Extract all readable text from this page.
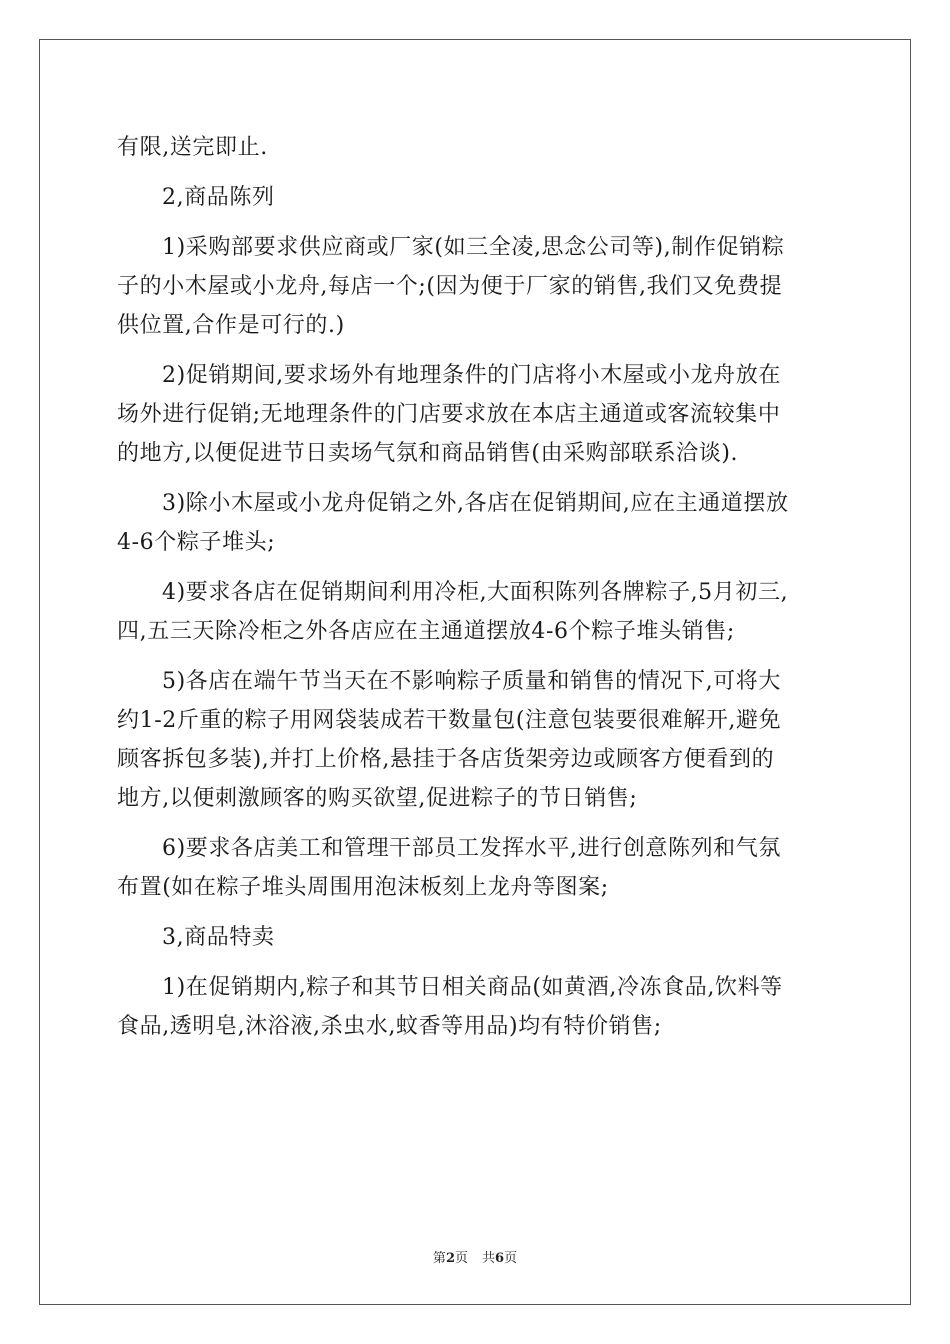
有限,送完即止.
2,商品陈列
1)采购部要求供应商或厂家(如三全凌,思念公司等),制作促销粽
子的小木屋或小龙舟,每店一个;(因为便于厂家的销售,我们又免费提
供位置,合作是可行的.)
2)促销期间,要求场外有地理条件的门店将小木屋或小龙舟放在
场外进行促销;无地理条件的门店要求放在本店主通道或客流较集中
的地方,以便促进节日卖场气氛和商品销售(由采购部联系洽谈).
3)除小木屋或小龙舟促销之外,各店在促销期间,应在主通道摆放
4-6个粽子堆头;
4)要求各店在促销期间利用冷柜,大面积陈列各牌粽子,5月初三,
四,五三天除冷柜之外各店应在主通道摆放4-6个粽子堆头销售;
5)各店在端午节当天在不影响粽子质量和销售的情况下,可将大
约1-2斤重的粽子用网袋装成若干数量包(注意包装要很难解开,避免
顾客拆包多装),并打上价格,悬挂于各店货架旁边或顾客方便看到的
地方,以便刺激顾客的购买欲望,促进粽子的节日销售;
6)要求各店美工和管理干部员工发挥水平,进行创意陈列和气氛
布置(如在粽子堆头周围用泡沫板刻上龙舟等图案;
3,商品特卖
1)在促销期内,粽子和其节日相关商品(如黄酒,冷冻食品,饮料等
食品,透明皂,沐浴液,杀虫水,蚊香等用品)均有特价销售;
第2页 共6页
